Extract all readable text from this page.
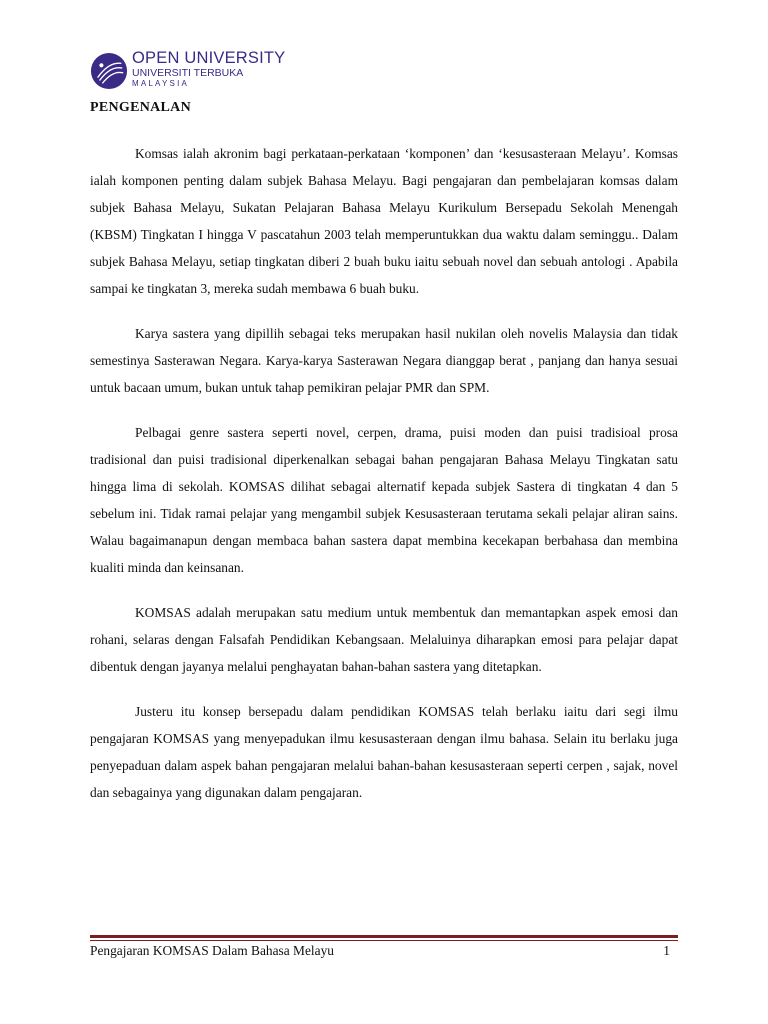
OPEN UNIVERSITY
UNIVERSITI TERBUKA
MALAYSIA
PENGENALAN

Komsas ialah akronim bagi perkataan-perkataan ‘komponen’ dan ‘kesusasteraan Melayu’. Komsas ialah komponen penting dalam subjek Bahasa Melayu. Bagi pengajaran dan pembelajaran komsas dalam subjek Bahasa Melayu, Sukatan Pelajaran Bahasa Melayu Kurikulum Bersepadu Sekolah Menengah (KBSM) Tingkatan I hingga V pascatahun 2003 telah memperuntukkan dua waktu dalam seminggu.. Dalam subjek Bahasa Melayu, setiap tingkatan diberi 2 buah buku iaitu sebuah novel dan sebuah antologi . Apabila sampai ke tingkatan 3, mereka sudah membawa 6 buah buku.

Karya sastera yang dipillih sebagai teks merupakan hasil nukilan oleh novelis Malaysia dan tidak semestinya Sasterawan Negara. Karya-karya Sasterawan Negara dianggap berat , panjang dan hanya sesuai untuk bacaan umum, bukan untuk tahap pemikiran pelajar PMR dan SPM.

Pelbagai genre sastera seperti novel, cerpen, drama, puisi moden dan puisi tradisioal prosa tradisional dan puisi tradisional diperkenalkan sebagai bahan pengajaran Bahasa Melayu Tingkatan satu hingga lima di sekolah. KOMSAS dilihat sebagai alternatif kepada subjek Sastera di tingkatan 4 dan 5 sebelum ini. Tidak ramai pelajar yang mengambil subjek Kesusasteraan terutama sekali pelajar aliran sains. Walau bagaimanapun dengan membaca bahan sastera dapat membina kecekapan berbahasa dan membina kualiti minda dan keinsanan.

KOMSAS adalah merupakan satu medium untuk membentuk dan memantapkan aspek emosi dan rohani, selaras dengan Falsafah Pendidikan Kebangsaan. Melaluinya diharapkan emosi para pelajar dapat dibentuk dengan jayanya melalui penghayatan bahan-bahan sastera yang ditetapkan.

Justeru itu konsep bersepadu dalam pendidikan KOMSAS telah berlaku iaitu dari segi ilmu pengajaran KOMSAS yang menyepadukan ilmu kesusasteraan dengan ilmu bahasa. Selain itu berlaku juga penyepaduan dalam aspek bahan pengajaran melalui bahan-bahan kesusasteraan seperti cerpen , sajak, novel dan sebagainya yang digunakan dalam pengajaran.

Pengajaran KOMSAS Dalam Bahasa Melayu	1
